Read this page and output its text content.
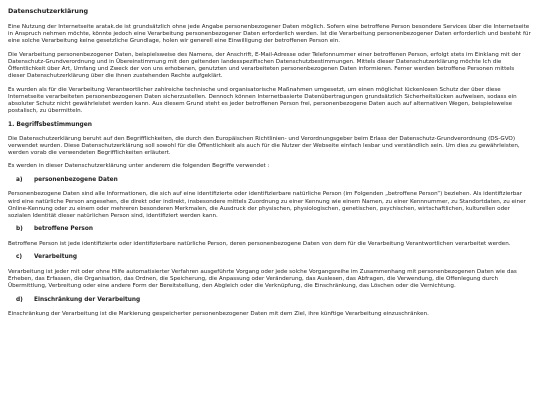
Datenschutzerklärung

Eine Nutzung der Internetseite aratak.de ist grundsätzlich ohne jede Angabe personenbezogener Daten möglich. Sofern eine betroffene Person besondere Services über die Internetseite in Anspruch nehmen möchte, könnte jedoch eine Verarbeitung personenbezogener Daten erforderlich werden. Ist die Verarbeitung personenbezogener Daten erforderlich und besteht für eine solche Verarbeitung keine gesetzliche Grundlage, holen wir generell eine Einwilligung der betroffenen Person ein.

Die Verarbeitung personenbezogener Daten, beispielsweise des Namens, der Anschrift, E-Mail-Adresse oder Telefonnummer einer betroffenen Person, erfolgt stets im Einklang mit der Datenschutz-Grundverordnung und in Übereinstimmung mit den geltenden landesspezifischen Datenschutzbestimmungen. Mittels dieser Datenschutzerklärung möchte Ich die Öffentlichkeit über Art, Umfang und Zweck der von uns erhobenen, genutzten und verarbeiteten personenbezogenen Daten informieren. Ferner werden betroffene Personen mittels dieser Datenschutzerklärung über die ihnen zustehenden Rechte aufgeklärt.

Es wurden als für die Verarbeitung Verantwortlicher zahlreiche technische und organisatorische Maßnahmen umgesetzt, um einen möglichst lückenlosen Schutz der über diese Internetseite verarbeiteten personenbezogenen Daten sicherzustellen. Dennoch können Internetbasierte Datenübertragungen grundsätzlich Sicherheitslücken aufweisen, sodass ein absoluter Schutz nicht gewährleistet werden kann. Aus diesem Grund steht es jeder betroffenen Person frei, personenbezogene Daten auch auf alternativen Wegen, beispielsweise postalisch, zu übermitteln.

1. Begriffsbestimmungen

Die Datenschutzerklärung beruht auf den Begrifflichkeiten, die durch den Europäischen Richtlinien- und Verordnungsgeber beim Erlass der Datenschutz-Grundverordnung (DS-GVO) verwendet wurden. Diese Datenschutzerklärung soll sowohl für die Öffentlichkeit als auch für die Nutzer der Webseite einfach lesbar und verständlich sein. Um dies zu gewährleisten, werden vorab die verwendeten Begrifflichkeiten erläutert.

Es werden in dieser Datenschutzerklärung unter anderem die folgenden Begriffe verwendet :

a)	personenbezogene Daten

Personenbezogene Daten sind alle Informationen, die sich auf eine identifizierte oder identifizierbare natürliche Person (im Folgenden „betroffene Person“) beziehen. Als identifizierbar wird eine natürliche Person angesehen, die direkt oder indirekt, insbesondere mittels Zuordnung zu einer Kennung wie einem Namen, zu einer Kennnummer, zu Standortdaten, zu einer Online-Kennung oder zu einem oder mehreren besonderen Merkmalen, die Ausdruck der physischen, physiologischen, genetischen, psychischen, wirtschaftlichen, kulturellen oder sozialen Identität dieser natürlichen Person sind, identifiziert werden kann.

b)	betroffene Person

Betroffene Person ist jede identifizierte oder identifizierbare natürliche Person, deren personenbezogene Daten von dem für die Verarbeitung Verantwortlichen verarbeitet werden.

c)	Verarbeitung

Verarbeitung ist jeder mit oder ohne Hilfe automatisierter Verfahren ausgeführte Vorgang oder jede solche Vorgangsreihe im Zusammenhang mit personenbezogenen Daten wie das Erheben, das Erfassen, die Organisation, das Ordnen, die Speicherung, die Anpassung oder Veränderung, das Auslesen, das Abfragen, die Verwendung, die Offenlegung durch Übermittlung, Verbreitung oder eine andere Form der Bereitstellung, den Abgleich oder die Verknüpfung, die Einschränkung, das Löschen oder die Vernichtung.

d)	Einschränkung der Verarbeitung

Einschränkung der Verarbeitung ist die Markierung gespeicherter personenbezogener Daten mit dem Ziel, ihre künftige Verarbeitung einzuschränken.
